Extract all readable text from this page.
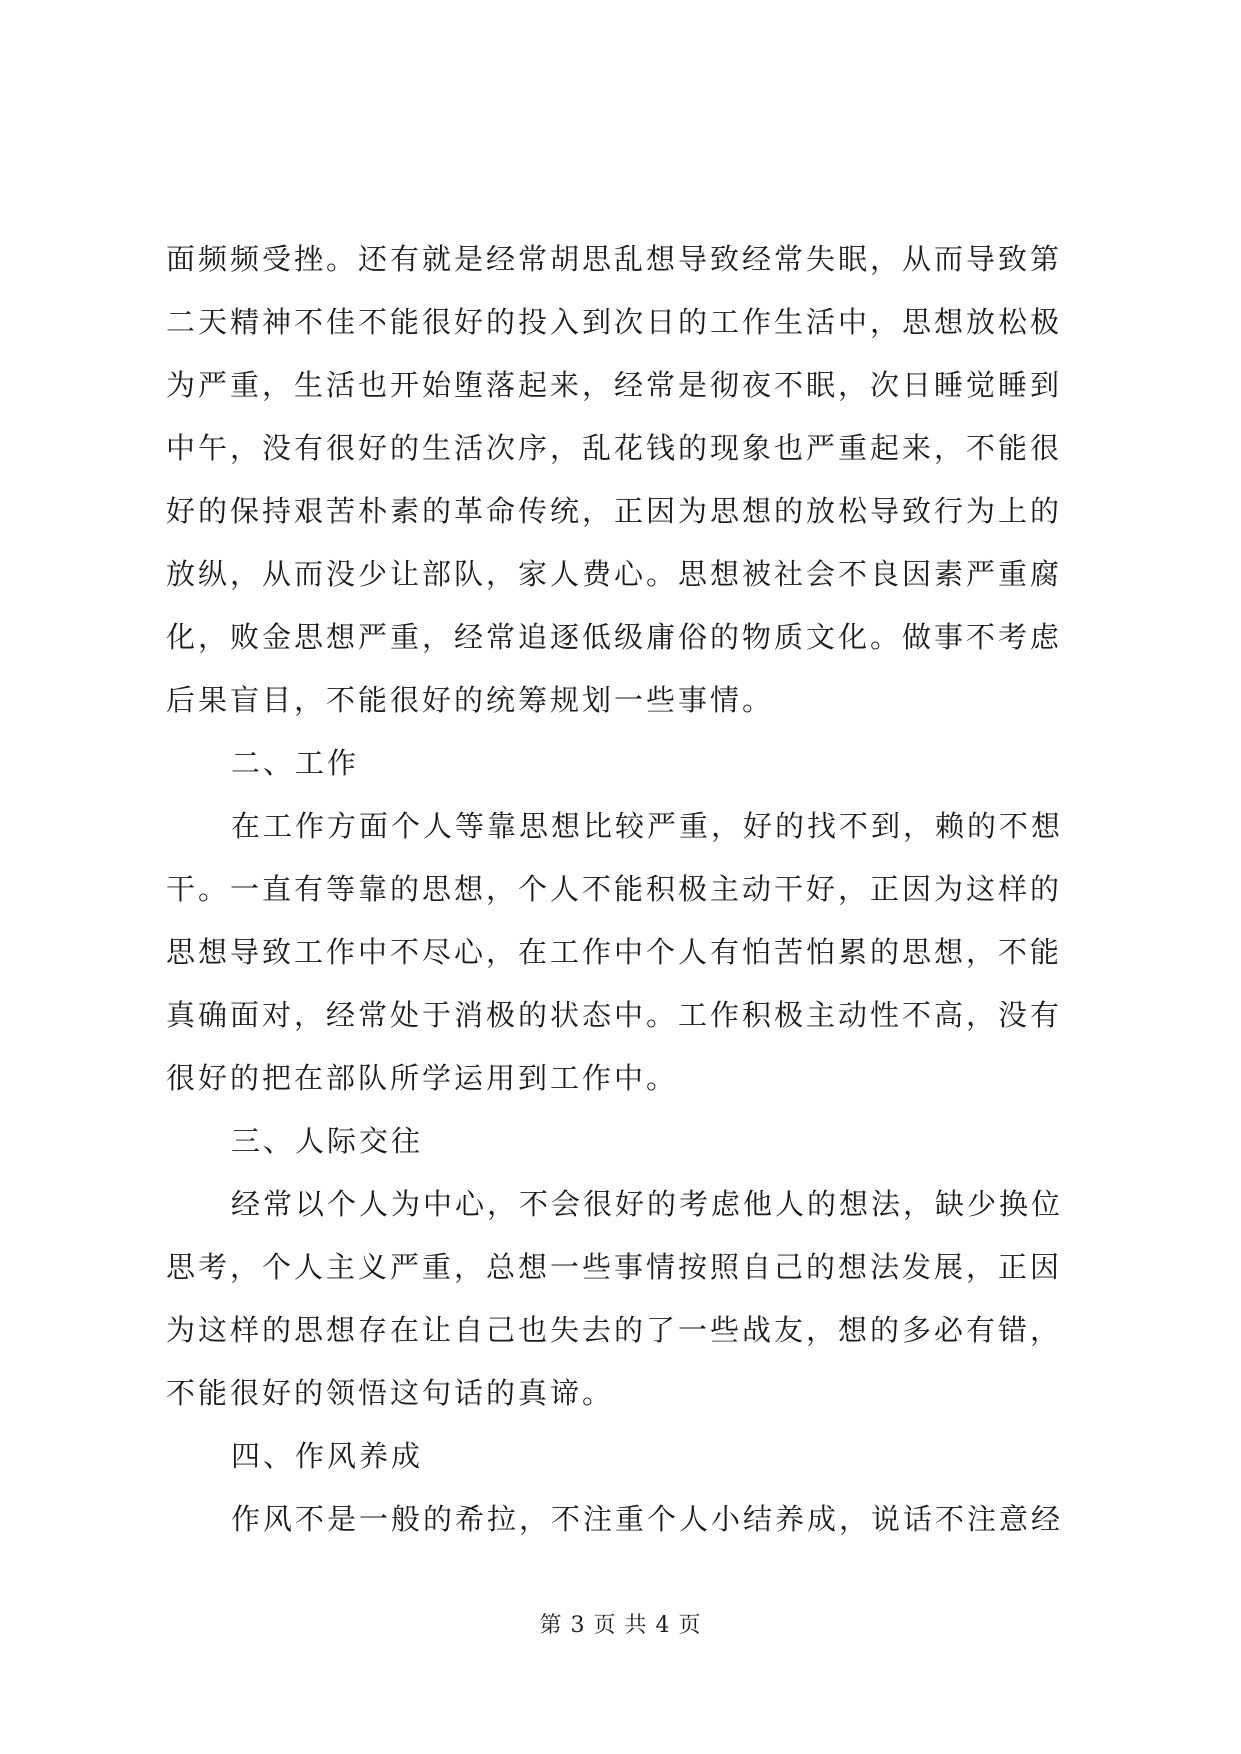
面频频受挫。还有就是经常胡思乱想导致经常失眠，从而导致第
二天精神不佳不能很好的投入到次日的工作生活中，思想放松极
为严重，生活也开始堕落起来，经常是彻夜不眠，次日睡觉睡到
中午，没有很好的生活次序，乱花钱的现象也严重起来，不能很
好的保持艰苦朴素的革命传统，正因为思想的放松导致行为上的
放纵，从而没少让部队，家人费心。思想被社会不良因素严重腐
化，败金思想严重，经常追逐低级庸俗的物质文化。做事不考虑
后果盲目，不能很好的统筹规划一些事情。
二、工作
在工作方面个人等靠思想比较严重，好的找不到，赖的不想
干。一直有等靠的思想，个人不能积极主动干好，正因为这样的
思想导致工作中不尽心，在工作中个人有怕苦怕累的思想，不能
真确面对，经常处于消极的状态中。工作积极主动性不高，没有
很好的把在部队所学运用到工作中。
三、人际交往
经常以个人为中心，不会很好的考虑他人的想法，缺少换位
思考，个人主义严重，总想一些事情按照自己的想法发展，正因
为这样的思想存在让自己也失去的了一些战友，想的多必有错，
不能很好的领悟这句话的真谛。
四、作风养成
作风不是一般的希拉，不注重个人小结养成，说话不注意经
第 3 页 共 4 页
